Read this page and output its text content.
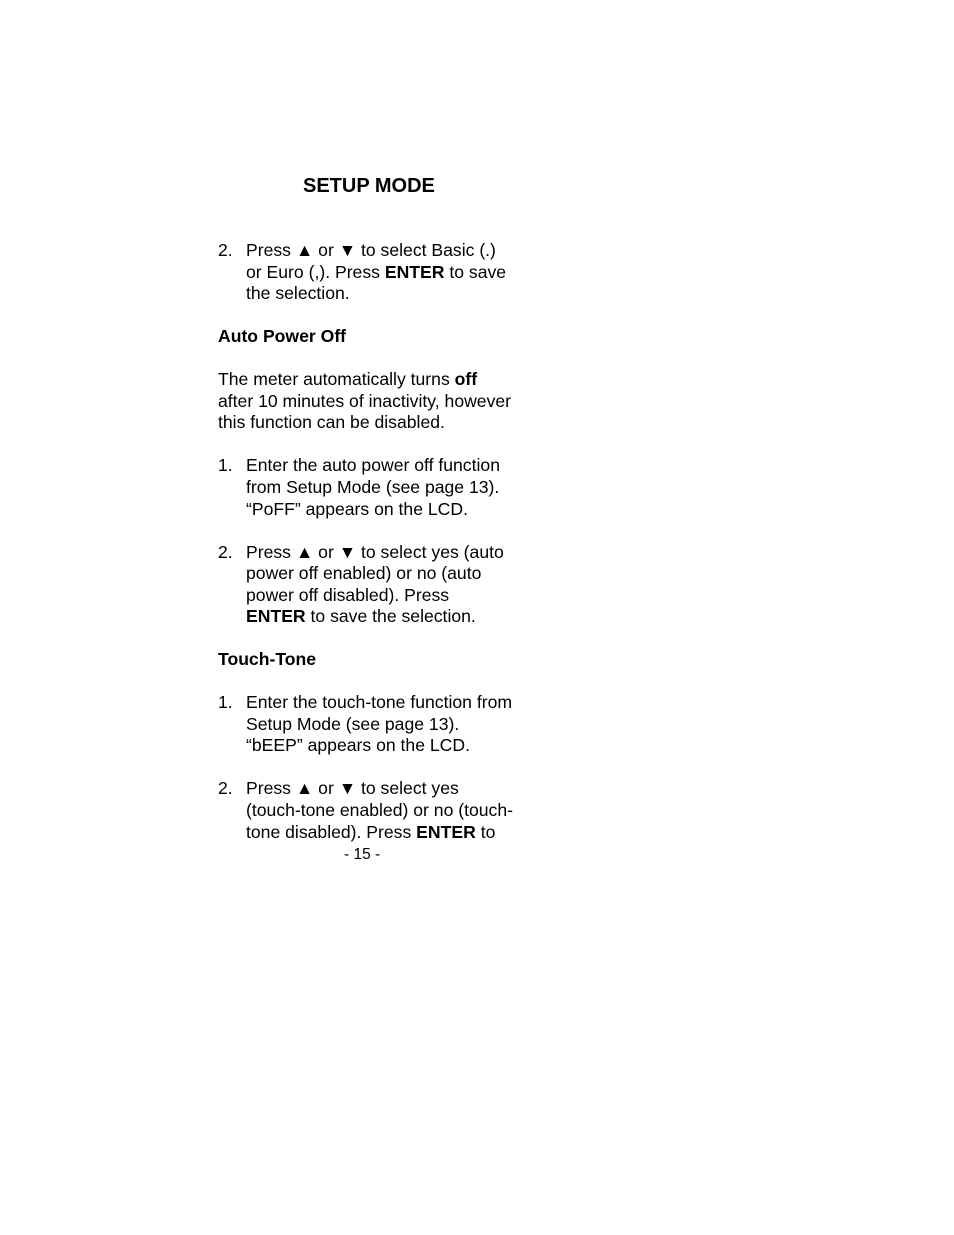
SETUP MODE
2. Press ▲ or ▼ to select Basic (.)
or Euro (,). Press ENTER to save
the selection.
Auto Power Off
The meter automatically turns off
after 10 minutes of inactivity, however
this function can be disabled.
1. Enter the auto power off function
from Setup Mode (see page 13).
“PoFF” appears on the LCD.
2. Press ▲ or ▼ to select yes (auto
power off enabled) or no (auto
power off disabled). Press
ENTER to save the selection.
Touch-Tone
1. Enter the touch-tone function from
Setup Mode (see page 13).
“bEEP” appears on the LCD.
2. Press ▲ or ▼ to select yes
(touch-tone enabled) or no (touch-
tone disabled). Press ENTER to
- 15 -
